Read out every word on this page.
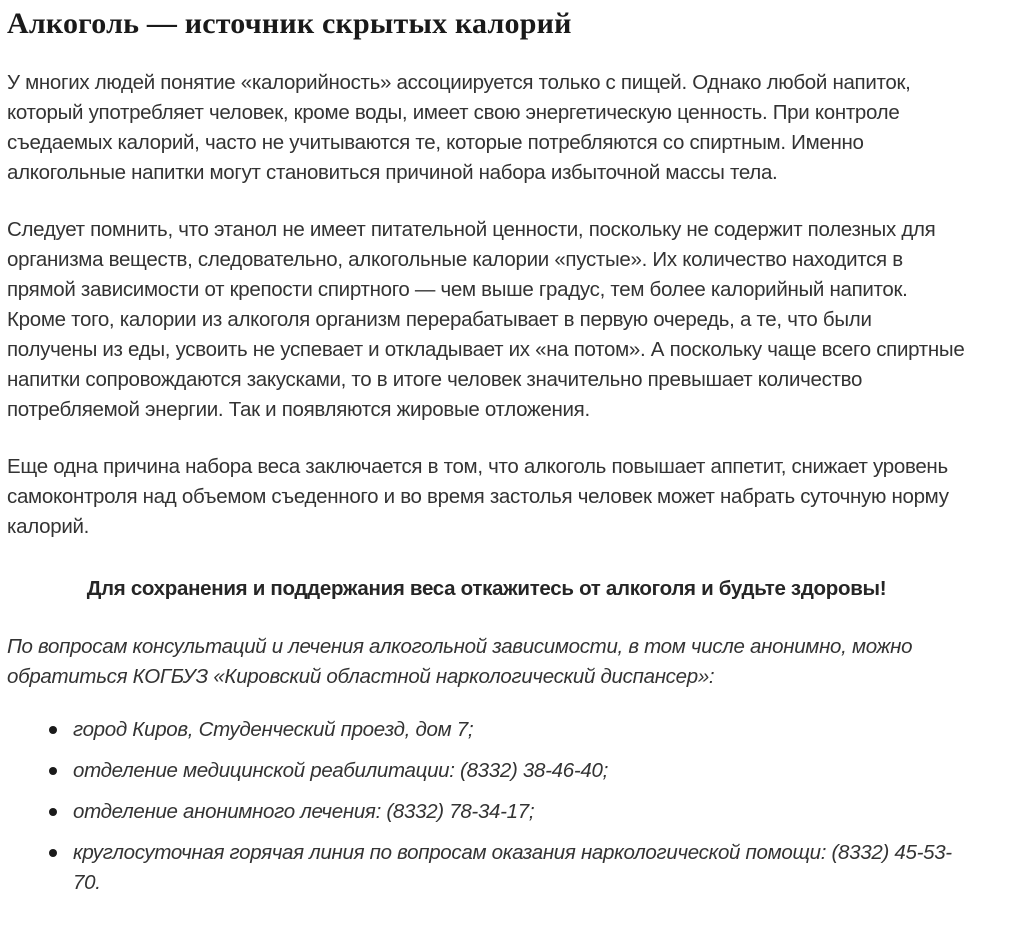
Алкоголь — источник скрытых калорий

У многих людей понятие «калорийность» ассоциируется только с пищей. Однако любой напиток, который употребляет человек, кроме воды, имеет свою энергетическую ценность. При контроле съедаемых калорий, часто не учитываются те, которые потребляются со спиртным. Именно алкогольные напитки могут становиться причиной набора избыточной массы тела.

Следует помнить, что этанол не имеет питательной ценности, поскольку не содержит полезных для организма веществ, следовательно, алкогольные калории «пустые». Их количество находится в прямой зависимости от крепости спиртного — чем выше градус, тем более калорийный напиток. Кроме того, калории из алкоголя организм перерабатывает в первую очередь, а те, что были получены из еды, усвоить не успевает и откладывает их «на потом». А поскольку чаще всего спиртные напитки сопровождаются закусками, то в итоге человек значительно превышает количество потребляемой энергии. Так и появляются жировые отложения.

Еще одна причина набора веса заключается в том, что алкоголь повышает аппетит, снижает уровень самоконтроля над объемом съеденного и во время застолья человек может набрать суточную норму калорий.

Для сохранения и поддержания веса откажитесь от алкоголя и будьте здоровы!

По вопросам консультаций и лечения алкогольной зависимости, в том числе анонимно, можно обратиться КОГБУЗ «Кировский областной наркологический диспансер»:

город Киров, Студенческий проезд, дом 7;
отделение медицинской реабилитации: (8332) 38-46-40;
отделение анонимного лечения: (8332) 78-34-17;
круглосуточная горячая линия по вопросам оказания наркологической помощи: (8332) 45-53-70.
